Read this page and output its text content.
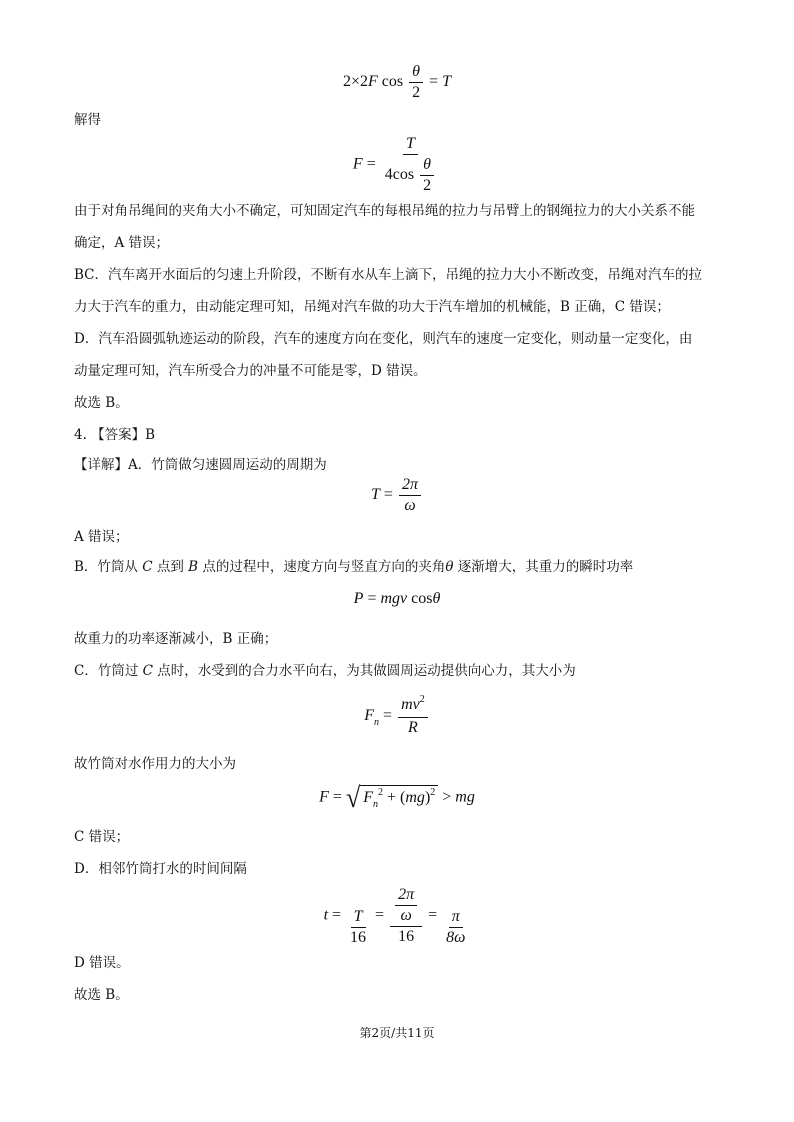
2×2F $\cos \frac{\theta}{2} = T$
解得
$F = \frac{T}{4\cos \frac{\theta}{2}}$
由于对角吊绳间的夹角大小不确定，可知固定汽车的每根吊绳的拉力与吊臂上的钢绳拉力的大小关系不能
确定，A 错误；
BC．汽车离开水面后的匀速上升阶段，不断有水从车上滴下，吊绳的拉力大小不断改变，吊绳对汽车的拉
力大于汽车的重力，由动能定理可知，吊绳对汽车做的功大于汽车增加的机械能，B 正确，C 错误；
D．汽车沿圆弧轨迹运动的阶段，汽车的速度方向在变化，则汽车的速度一定变化，则动量一定变化，由
动量定理可知，汽车所受合力的冲量不可能是零，D 错误。
故选 B。
4. 【答案】B
【详解】A．竹筒做匀速圆周运动的周期为
$T = \frac{2\pi}{\omega}$
A 错误；
B．竹筒从 C 点到 B 点的过程中，速度方向与竖直方向的夹角θ 逐渐增大，其重力的瞬时功率
P = mgv cosθ
故重力的功率逐渐减小，B 正确；
C．竹筒过 C 点时，水受到的合力水平向右，为其做圆周运动提供向心力，其大小为
$F_n = \frac{mv^2}{R}$
故竹筒对水作用力的大小为
F = √ $F_n^2 + (mg)^2$ > mg
C 错误；
D．相邻竹筒打水的时间间隔
$t = \frac{T}{16} = \frac{\frac{2\pi}{\omega}}{16} = \frac{\pi}{8\omega}$
D 错误。
故选 B。
第2页/共11页
